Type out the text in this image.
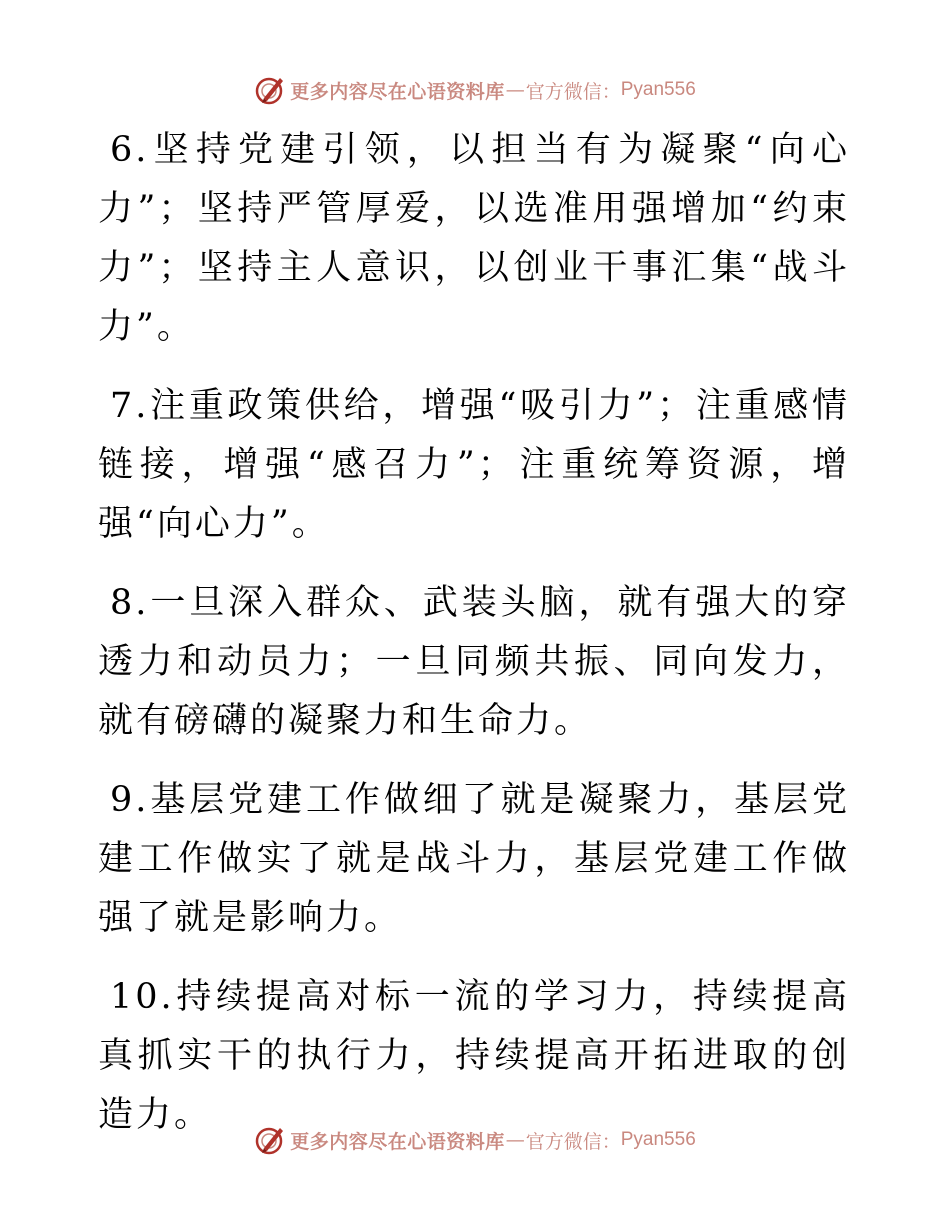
更多内容尽在心语资料库 — 官方微信： Pyan556

6.坚持党建引领，以担当有为凝聚“向心力”；坚持严管厚爱，以选准用强增加“约束力”；坚持主人意识，以创业干事汇集“战斗力”。

7.注重政策供给，增强“吸引力”；注重感情链接，增强“感召力”；注重统筹资源，增强“向心力”。

8.一旦深入群众、武装头脑，就有强大的穿透力和动员力；一旦同频共振、同向发力，就有磅礴的凝聚力和生命力。

9.基层党建工作做细了就是凝聚力，基层党建工作做实了就是战斗力，基层党建工作做强了就是影响力。

10.持续提高对标一流的学习力，持续提高真抓实干的执行力，持续提高开拓进取的创造力。

更多内容尽在心语资料库 — 官方微信： Pyan556
